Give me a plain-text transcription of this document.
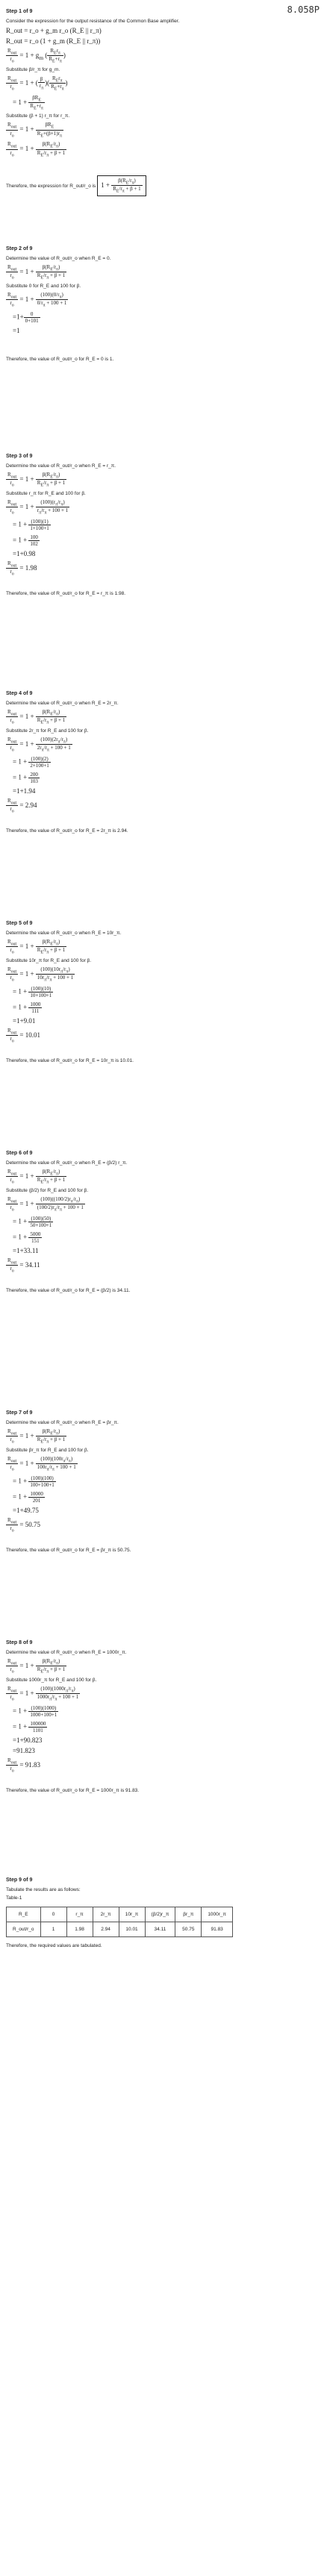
8.058P
Step 1 of 9
Consider the expression for the output resistance of the Common Base amplifier.
R_out = r_o + g_m r_o (R_E || r_π)
R_out = r_o (1 + g_m (R_E || r_π))
$\frac{R_{out}}{r_o} = 1 + g_m$ ( $\frac{R_Er_\pi}{R_E+r_\pi}$ )
Substitute β/r_π for g_m.
$\frac{R_{out}}{r_o} = 1$ + ( $\frac{\beta}{r_\pi}$ )( $\frac{R_Er_\pi}{R_E+r_\pi}$ )
= $1 + \frac{\beta R_E}{R_E+r_\pi}$
Substitute (β + 1) r_π for r_π.
$\frac{R_{out}}{r_o} = 1 + \frac{\beta R_E}{R_E+(\beta+1)r_\pi}$
$\frac{R_{out}}{r_o} = 1 + \frac{\beta(R_E/r_\pi)}{R_E/r_\pi + \beta + 1}$
Therefore, the expression for R_out/r_o is $1 + \frac{\beta(R_E/r_\pi)}{R_E/r_\pi + \beta + 1}$
Step 2 of 9
Determine the value of R_out/r_o when R_E = 0.
$\frac{R_{out}}{r_o} = 1 + \frac{\beta(R_E/r_\pi)}{R_E/r_\pi + \beta + 1}$
Substitute 0 for R_E and 100 for β.
$\frac{R_{out}}{r_o} = 1 + \frac{(100)(0/r_\pi)}{0/r_\pi + 100 + 1}$
$=1+ \frac{0}{0+101}$
=1
Therefore, the value of R_out/r_o for R_E = 0 is 1.
Step 3 of 9
Determine the value of R_out/r_o when R_E = r_π.
$\frac{R_{out}}{r_o} = 1 + \frac{\beta(R_E/r_\pi)}{R_E/r_\pi + \beta + 1}$
Substitute r_π for R_E and 100 for β.
$\frac{R_{out}}{r_o} = 1 + \frac{(100)(r_\pi/r_\pi)}{r_\pi/r_\pi + 100 + 1}$
= $1 + \frac{(100)(1)}{1+100+1}$
= $1 + \frac{100}{102}$
=1+0.98
$\frac{R_{out}}{r_o} = 1.98$
Therefore, the value of R_out/r_o for R_E = r_π is 1.98.
Step 4 of 9
Determine the value of R_out/r_o when R_E = 2r_π.
$\frac{R_{out}}{r_o} = 1 + \frac{\beta(R_E/r_\pi)}{R_E/r_\pi + \beta + 1}$
Substitute 2r_π for R_E and 100 for β.
$\frac{R_{out}}{r_o} = 1 + \frac{(100)(2r_\pi/r_\pi)}{2r_\pi/r_\pi + 100 + 1}$
= $1 + \frac{(100)(2)}{2+100+1}$
= $1 + \frac{200}{103}$
=1+1.94
$\frac{R_{out}}{r_o} = 2.94$
Therefore, the value of R_out/r_o for R_E = 2r_π is 2.94.
Step 5 of 9
Determine the value of R_out/r_o when R_E = 10r_π.
$\frac{R_{out}}{r_o} = 1 + \frac{\beta(R_E/r_\pi)}{R_E/r_\pi + \beta + 1}$
Substitute 10r_π for R_E and 100 for β.
$\frac{R_{out}}{r_o} = 1 + \frac{(100)(10r_\pi/r_\pi)}{10r_\pi/r_\pi + 100 + 1}$
= $1 + \frac{(100)(10)}{10+100+1}$
= $1 + \frac{1000}{111}$
=1+9.01
$\frac{R_{out}}{r_o} = 10.01$
Therefore, the value of R_out/r_o for R_E = 10r_π is 10.01.
Step 6 of 9
Determine the value of R_out/r_o when R_E = (β/2) r_π.
$\frac{R_{out}}{r_o} = 1 + \frac{\beta(R_E/r_\pi)}{R_E/r_\pi + \beta + 1}$
Substitute (β/2) for R_E and 100 for β.
$\frac{R_{out}}{r_o} = 1 + \frac{(100)((100/2)r_\pi/r_\pi)}{(100/2)r_\pi/r_\pi + 100 + 1}$
= $1 + \frac{(100)(50)}{50+100+1}$
= $1 + \frac{5000}{151}$
=1+33.11
$\frac{R_{out}}{r_o} = 34.11$
Therefore, the value of R_out/r_o for R_E = (β/2) is 34.11.
Step 7 of 9
Determine the value of R_out/r_o when R_E = βr_π.
$\frac{R_{out}}{r_o} = 1 + \frac{\beta(R_E/r_\pi)}{R_E/r_\pi + \beta + 1}$
Substitute βr_π for R_E and 100 for β.
$\frac{R_{out}}{r_o} = 1 + \frac{(100)(100r_\pi/r_\pi)}{100r_\pi/r_\pi + 100 + 1}$
= $1 + \frac{(100)(100)}{100+100+1}$
= $1 + \frac{10000}{201}$
=1+49.75
$\frac{R_{out}}{r_o} = 50.75$
Therefore, the value of R_out/r_o for R_E = βr_π is 50.75.
Step 8 of 9
Determine the value of R_out/r_o when R_E = 1000r_π.
$\frac{R_{out}}{r_o} = 1 + \frac{\beta(R_E/r_\pi)}{R_E/r_\pi + \beta + 1}$
Substitute 1000r_π for R_E and 100 for β.
$\frac{R_{out}}{r_o} = 1 + \frac{(100)(1000r_\pi/r_\pi)}{1000r_\pi/r_\pi + 100 + 1}$
= $1 + \frac{(100)(1000)}{1000+100+1}$
= $1 + \frac{100000}{1101}$
=1+90.823
=91.823
$\frac{R_{out}}{r_o} = 91.83$
Therefore, the value of R_out/r_o for R_E = 1000r_π is 91.83.
Step 9 of 9
Tabulate the results are as follows:
Table-1
R_E	0	r_π	2r_π	10r_π	(β/2)r_π	βr_π	1000r_π
R_out/r_o	1	1.98	2.94	10.01	34.11	50.75	91.83
Therefore, the required values are tabulated.
